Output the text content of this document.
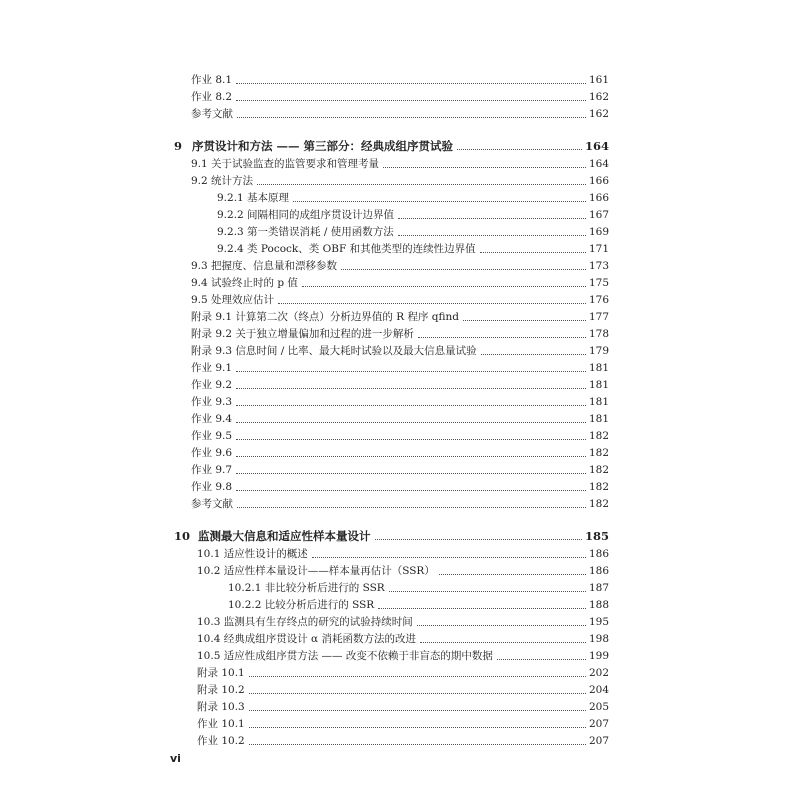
作业 8.1	161
作业 8.2	162
参考文献	162
9 序贯设计和方法 —— 第三部分：经典成组序贯试验	164
9.1 关于试验监查的监管要求和管理考量	164
9.2 统计方法	166
9.2.1 基本原理	166
9.2.2 间隔相同的成组序贯设计边界值	167
9.2.3 第一类错误消耗 / 使用函数方法	169
9.2.4 类 Pocock、类 OBF 和其他类型的连续性边界值	171
9.3 把握度、信息量和漂移参数	173
9.4 试验终止时的 p 值	175
9.5 处理效应估计	176
附录 9.1 计算第二次（终点）分析边界值的 R 程序 qfind	177
附录 9.2 关于独立增量偏加和过程的进一步解析	178
附录 9.3 信息时间 / 比率、最大耗时试验以及最大信息量试验	179
作业 9.1	181
作业 9.2	181
作业 9.3	181
作业 9.4	181
作业 9.5	182
作业 9.6	182
作业 9.7	182
作业 9.8	182
参考文献	182
10 监测最大信息和适应性样本量设计	185
10.1 适应性设计的概述	186
10.2 适应性样本量设计——样本量再估计（SSR）	186
10.2.1 非比较分析后进行的 SSR	187
10.2.2 比较分析后进行的 SSR	188
10.3 监测具有生存终点的研究的试验持续时间	195
10.4 经典成组序贯设计 α 消耗函数方法的改进	198
10.5 适应性成组序贯方法 —— 改变不依赖于非盲态的期中数据	199
附录 10.1	202
附录 10.2	204
附录 10.3	205
作业 10.1	207
作业 10.2	207
vi
